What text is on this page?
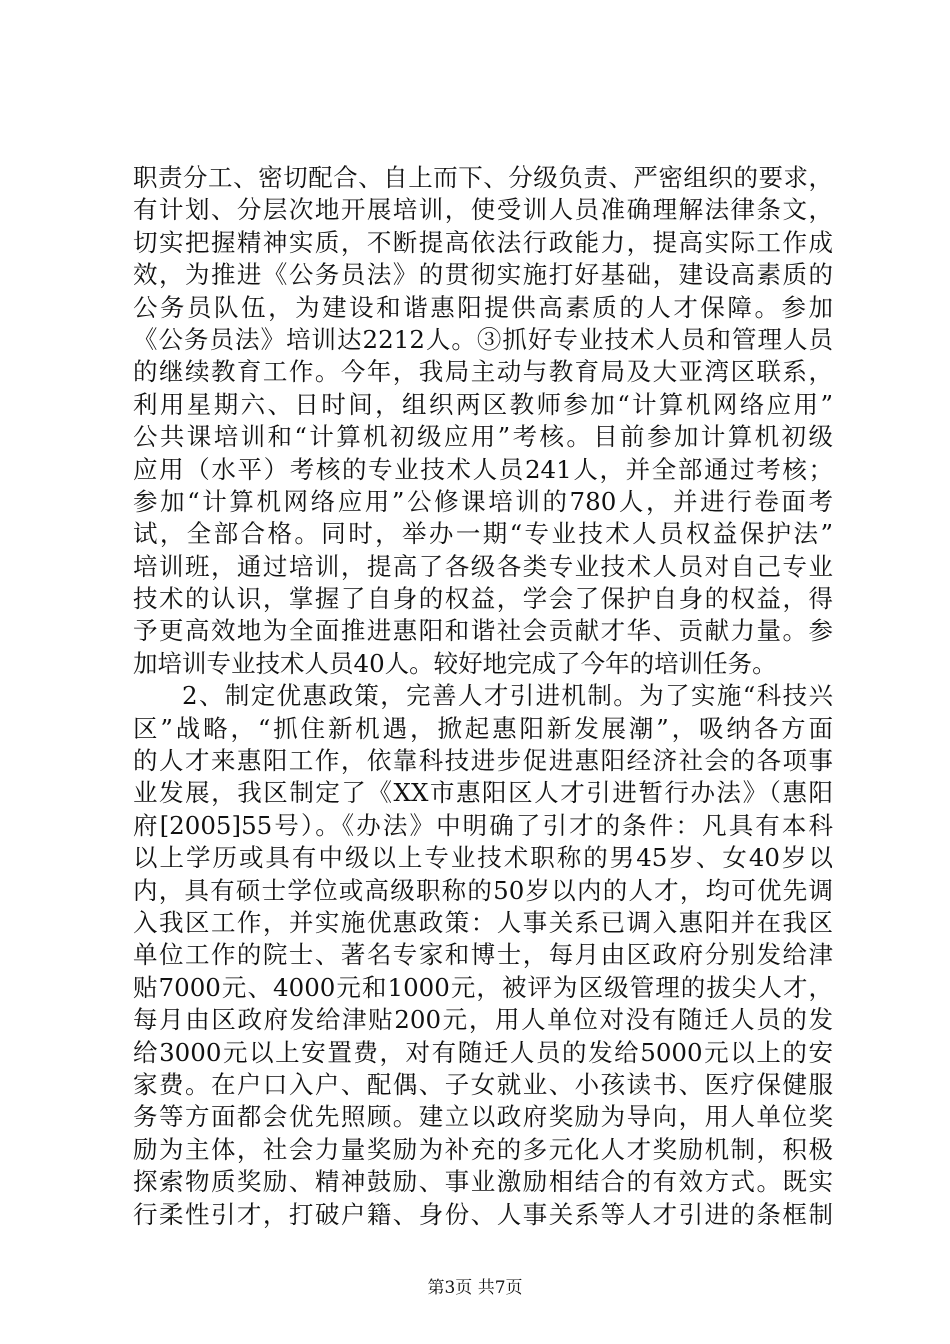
职责分工、密切配合、自上而下、分级负责、严密组织的要求，
有计划、分层次地开展培训，使受训人员准确理解法律条文，
切实把握精神实质，不断提高依法行政能力，提高实际工作成
效，为推进《公务员法》的贯彻实施打好基础，建设高素质的
公务员队伍，为建设和谐惠阳提供高素质的人才保障。参加
《公务员法》培训达2212人。③抓好专业技术人员和管理人员
的继续教育工作。今年，我局主动与教育局及大亚湾区联系，
利用星期六、日时间，组织两区教师参加“计算机网络应用”
公共课培训和“计算机初级应用”考核。目前参加计算机初级
应用（水平）考核的专业技术人员241人，并全部通过考核；
参加“计算机网络应用”公修课培训的780人，并进行卷面考
试，全部合格。同时，举办一期“专业技术人员权益保护法”
培训班，通过培训，提高了各级各类专业技术人员对自己专业
技术的认识，掌握了自身的权益，学会了保护自身的权益，得
予更高效地为全面推进惠阳和谐社会贡献才华、贡献力量。参
加培训专业技术人员40人。较好地完成了今年的培训任务。
2、制定优惠政策，完善人才引进机制。为了实施“科技兴
区”战略，“抓住新机遇，掀起惠阳新发展潮”，吸纳各方面
的人才来惠阳工作，依靠科技进步促进惠阳经济社会的各项事
业发展，我区制定了《XX市惠阳区人才引进暂行办法》（惠阳
府[2005]55号）。《办法》中明确了引才的条件：凡具有本科
以上学历或具有中级以上专业技术职称的男45岁、女40岁以
内，具有硕士学位或高级职称的50岁以内的人才，均可优先调
入我区工作，并实施优惠政策：人事关系已调入惠阳并在我区
单位工作的院士、著名专家和博士，每月由区政府分别发给津
贴7000元、4000元和1000元，被评为区级管理的拔尖人才，
每月由区政府发给津贴200元，用人单位对没有随迁人员的发
给3000元以上安置费，对有随迁人员的发给5000元以上的安
家费。在户口入户、配偶、子女就业、小孩读书、医疗保健服
务等方面都会优先照顾。建立以政府奖励为导向，用人单位奖
励为主体，社会力量奖励为补充的多元化人才奖励机制，积极
探索物质奖励、精神鼓励、事业激励相结合的有效方式。既实
行柔性引才，打破户籍、身份、人事关系等人才引进的条框制
第3页 共7页
